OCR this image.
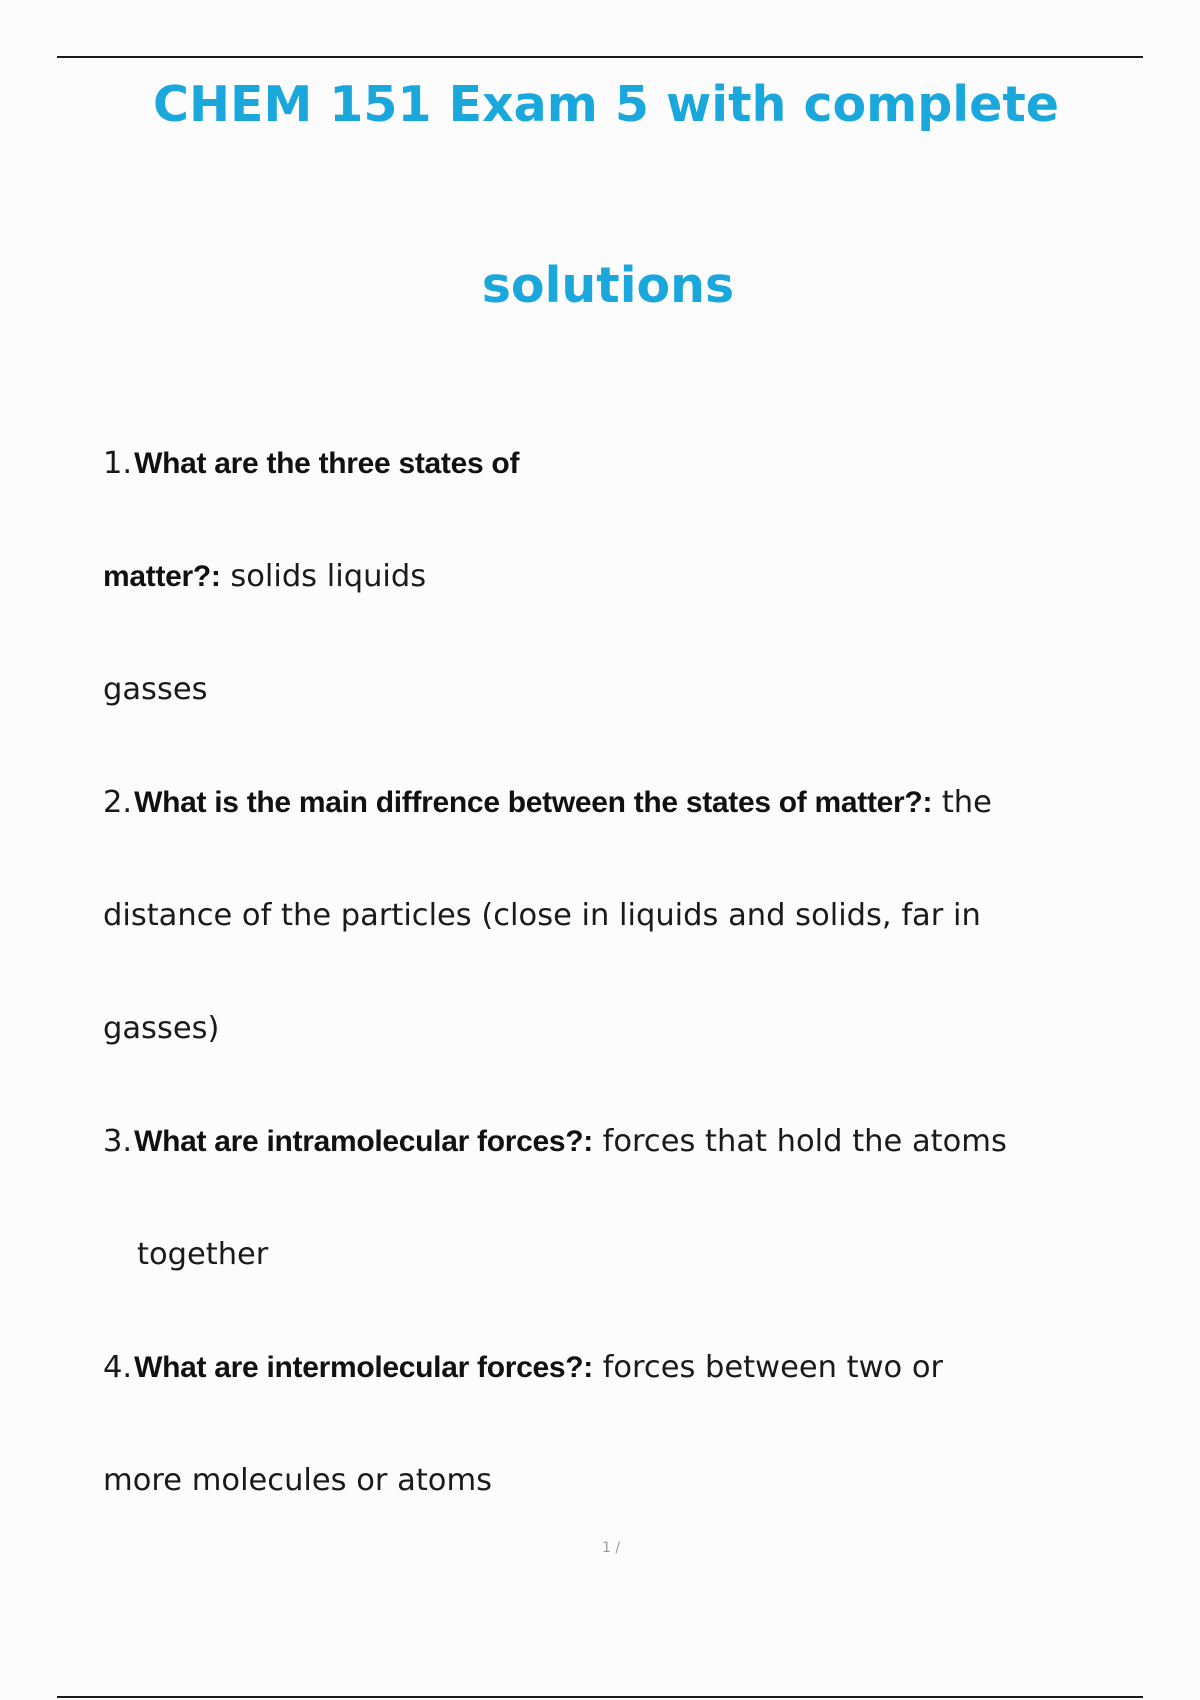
CHEM 151 Exam 5 with complete
solutions
1.What are the three states of
matter?: solids liquids
gasses
2.What is the main diffrence between the states of matter?: the
distance of the particles (close in liquids and solids, far in
gasses)
3.What are intramolecular forces?: forces that hold the atoms
together
4.What are intermolecular forces?: forces between two or
more molecules or atoms
1 /
